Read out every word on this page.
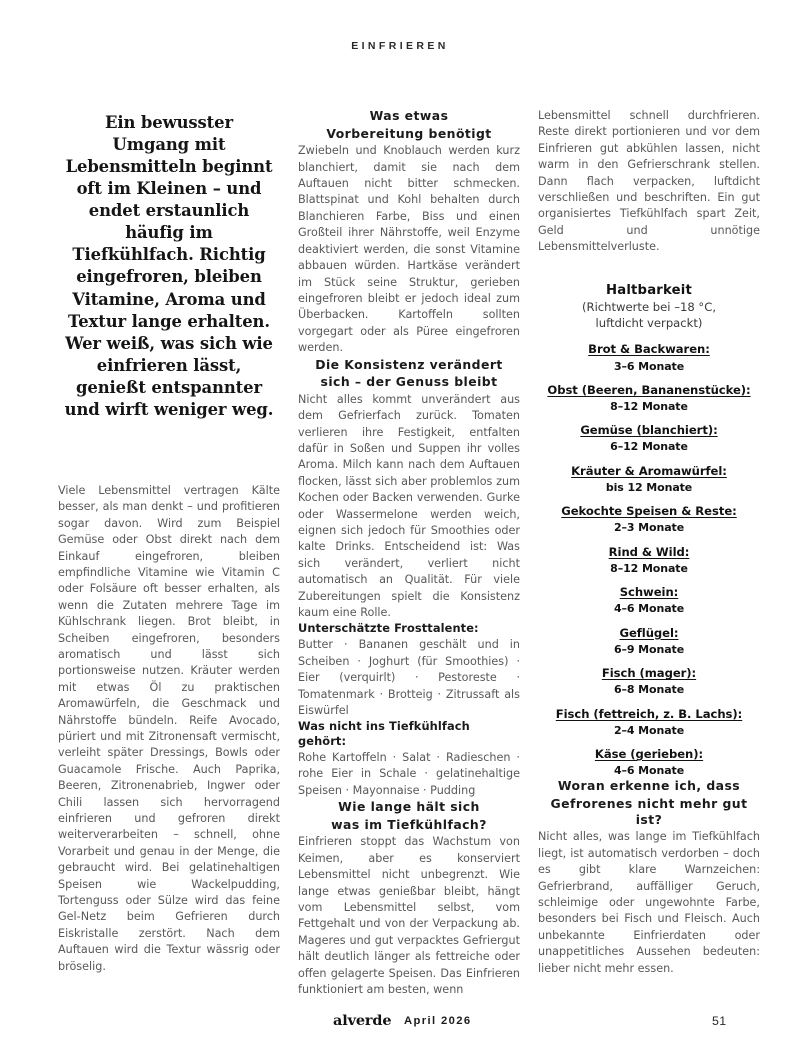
EINFRIEREN

Ein bewusster Umgang mit Lebensmitteln beginnt oft im Kleinen – und endet erstaunlich häufig im Tiefkühlfach. Richtig eingefroren, bleiben Vitamine, Aroma und Textur lange erhalten. Wer weiß, was sich wie einfrieren lässt, genießt entspannter und wirft weniger weg.

Viele Lebensmittel vertragen Kälte besser, als man denkt – und profitieren sogar davon. Wird zum Beispiel Gemüse oder Obst direkt nach dem Einkauf eingefroren, bleiben empfindliche Vitamine wie Vitamin C oder Folsäure oft besser erhalten, als wenn die Zutaten mehrere Tage im Kühlschrank liegen. Brot bleibt, in Scheiben eingefroren, besonders aromatisch und lässt sich portionsweise nutzen. Kräuter werden mit etwas Öl zu praktischen Aromawürfeln, die Geschmack und Nährstoffe bündeln. Reife Avocado, püriert und mit Zitronensaft vermischt, verleiht später Dressings, Bowls oder Guacamole Frische. Auch Paprika, Beeren, Zitronenabrieb, Ingwer oder Chili lassen sich hervorragend einfrieren und gefroren direkt weiterverarbeiten – schnell, ohne Vorarbeit und genau in der Menge, die gebraucht wird. Bei gelatinehaltigen Speisen wie Wackelpudding, Tortenguss oder Sülze wird das feine Gel-Netz beim Gefrieren durch Eiskristalle zerstört. Nach dem Auftauen wird die Textur wässrig oder bröselig.

Was etwas
Vorbereitung benötigt

Zwiebeln und Knoblauch werden kurz blanchiert, damit sie nach dem Auftauen nicht bitter schmecken. Blattspinat und Kohl behalten durch Blanchieren Farbe, Biss und einen Großteil ihrer Nährstoffe, weil Enzyme deaktiviert werden, die sonst Vitamine abbauen würden. Hartkäse verändert im Stück seine Struktur, gerieben eingefroren bleibt er jedoch ideal zum Überbacken. Kartoffeln sollten vorgegart oder als Püree eingefroren werden.

Die Konsistenz verändert
sich – der Genuss bleibt

Nicht alles kommt unverändert aus dem Gefrierfach zurück. Tomaten verlieren ihre Festigkeit, entfalten dafür in Soßen und Suppen ihr volles Aroma. Milch kann nach dem Auftauen flocken, lässt sich aber problemlos zum Kochen oder Backen verwenden. Gurke oder Wassermelone werden weich, eignen sich jedoch für Smoothies oder kalte Drinks. Entscheidend ist: Was sich verändert, verliert nicht automatisch an Qualität. Für viele Zubereitungen spielt die Konsistenz kaum eine Rolle.

Unterschätzte Frosttalente:

Butter · Bananen geschält und in Scheiben · Joghurt (für Smoothies) · Eier (verquirlt) · Pestoreste · Tomatenmark · Brotteig · Zitrussaft als Eiswürfel

Was nicht ins Tiefkühlfach gehört:

Rohe Kartoffeln · Salat · Radieschen · rohe Eier in Schale · gelatinehaltige Speisen · Mayonnaise · Pudding

Wie lange hält sich
was im Tiefkühlfach?

Einfrieren stoppt das Wachstum von Keimen, aber es konserviert Lebensmittel nicht unbegrenzt. Wie lange etwas genießbar bleibt, hängt vom Lebensmittel selbst, vom Fettgehalt und von der Verpackung ab. Mageres und gut verpacktes Gefriergut hält deutlich länger als fettreiche oder offen gelagerte Speisen. Das Einfrieren funktioniert am besten, wenn

Lebensmittel schnell durchfrieren. Reste direkt portionieren und vor dem Einfrieren gut abkühlen lassen, nicht warm in den Gefrierschrank stellen. Dann flach verpacken, luftdicht verschließen und beschriften. Ein gut organisiertes Tiefkühlfach spart Zeit, Geld und unnötige Lebensmittelverluste.

Haltbarkeit
(Richtwerte bei –18 °C,
luftdicht verpackt)
Brot & Backwaren:
3–6 Monate
Obst (Beeren, Bananenstücke):
8–12 Monate
Gemüse (blanchiert):
6–12 Monate
Kräuter & Aromawürfel:
bis 12 Monate
Gekochte Speisen & Reste:
2–3 Monate
Rind & Wild:
8–12 Monate
Schwein:
4–6 Monate
Geflügel:
6–9 Monate
Fisch (mager):
6–8 Monate
Fisch (fettreich, z. B. Lachs):
2–4 Monate
Käse (gerieben):
4–6 Monate
Woran erkenne ich, dass
Gefrorenes nicht mehr gut ist?

Nicht alles, was lange im Tiefkühlfach liegt, ist automatisch verdorben – doch es gibt klare Warnzeichen: Gefrierbrand, auffälliger Geruch, schleimige oder ungewohnte Farbe, besonders bei Fisch und Fleisch. Auch unbekannte Einfrierdaten oder unappetitliches Aussehen bedeuten: lieber nicht mehr essen.

alverde April 2026	51
